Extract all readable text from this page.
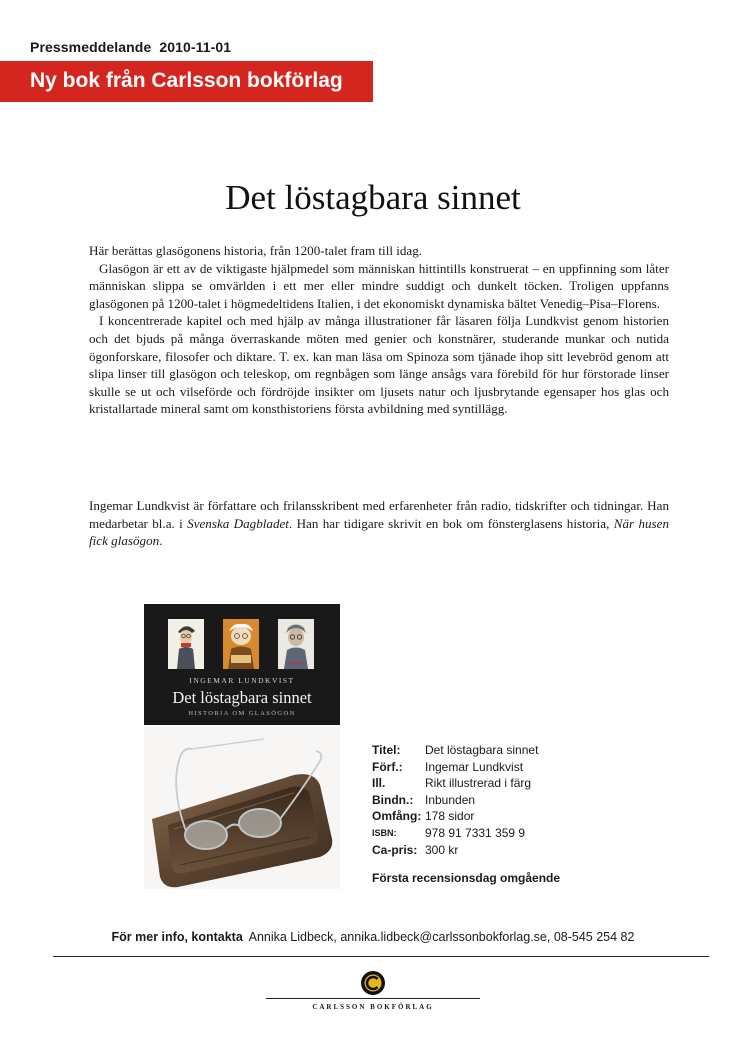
Pressmeddelande 2010-11-01
Ny bok från Carlsson bokförlag
Det löstagbara sinnet

Här berättas glasögonens historia, från 1200-talet fram till idag.

Glasögon är ett av de viktigaste hjälpmedel som människan hittintills konstruerat – en uppfinning som låter människan slippa se omvärlden i ett mer eller mindre suddigt och dunkelt töcken. Troligen uppfanns glasögonen på 1200-talet i högmedeltidens Italien, i det ekonomiskt dynamiska bältet Venedig–Pisa–Florens.

I koncentrerade kapitel och med hjälp av många illustrationer får läsaren följa Lundkvist genom historien och det bjuds på många överraskande möten med genier och konstnärer, studerande munkar och nutida ögonforskare, filosofer och diktare. T. ex. kan man läsa om Spinoza som tjänade ihop sitt levebröd genom att slipa linser till glasögon och teleskop, om regnbågen som länge ansågs vara förebild för hur förstorade linser skulle se ut och vilseförde och fördröjde insikter om ljusets natur och ljusbrytande egensaper hos glas och kristallartade mineral samt om konsthistoriens första avbildning med syntillägg.

Ingemar Lundkvist är författare och frilansskribent med erfarenheter från radio, tidskrifter och tidningar. Han medarbetar bl.a. i Svenska Dagbladet. Han har tidigare skrivit en bok om fönsterglasens historia, När husen fick glasögon.

INGEMAR LUNDKVIST
Det löstagbara sinnet
HISTORIA OM GLASÖGON
Titel:	Det löstagbara sinnet
Förf.:	Ingemar Lundkvist
Ill.	Rikt illustrerad i färg
Bindn.: Inbunden
Omfång: 178 sidor
ISBN:	978 91 7331 359 9
Ca-pris: 300 kr
Första recensionsdag omgående
För mer info, kontakta Annika Lidbeck, annika.lidbeck@carlssonbokforlag.se, 08-545 254 82
CARLSSON BOKFÖRLAG
